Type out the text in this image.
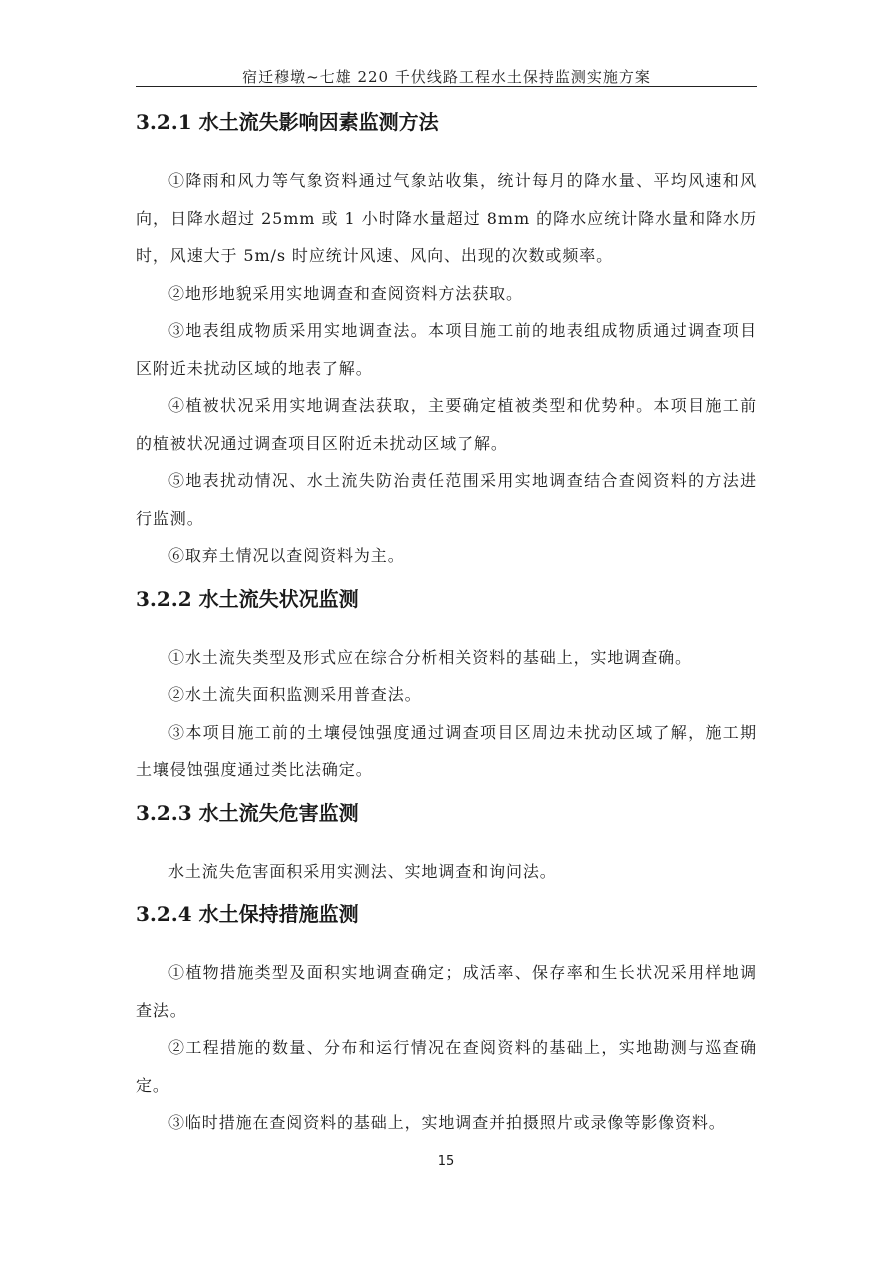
宿迁穆墩~七雄 220 千伏线路工程水土保持监测实施方案
3.2.1 水土流失影响因素监测方法

①降雨和风力等气象资料通过气象站收集，统计每月的降水量、平均风速和风向，日降水超过 25mm 或 1 小时降水量超过 8mm 的降水应统计降水量和降水历时，风速大于 5m/s 时应统计风速、风向、出现的次数或频率。

②地形地貌采用实地调查和查阅资料方法获取。

③地表组成物质采用实地调查法。本项目施工前的地表组成物质通过调查项目区附近未扰动区域的地表了解。

④植被状况采用实地调查法获取，主要确定植被类型和优势种。本项目施工前的植被状况通过调查项目区附近未扰动区域了解。

⑤地表扰动情况、水土流失防治责任范围采用实地调查结合查阅资料的方法进行监测。

⑥取弃土情况以查阅资料为主。

3.2.2 水土流失状况监测

①水土流失类型及形式应在综合分析相关资料的基础上，实地调查确。

②水土流失面积监测采用普查法。

③本项目施工前的土壤侵蚀强度通过调查项目区周边未扰动区域了解，施工期土壤侵蚀强度通过类比法确定。

3.2.3 水土流失危害监测

水土流失危害面积采用实测法、实地调查和询问法。

3.2.4 水土保持措施监测

①植物措施类型及面积实地调查确定；成活率、保存率和生长状况采用样地调查法。

②工程措施的数量、分布和运行情况在查阅资料的基础上，实地勘测与巡查确定。

③临时措施在查阅资料的基础上，实地调查并拍摄照片或录像等影像资料。

15
